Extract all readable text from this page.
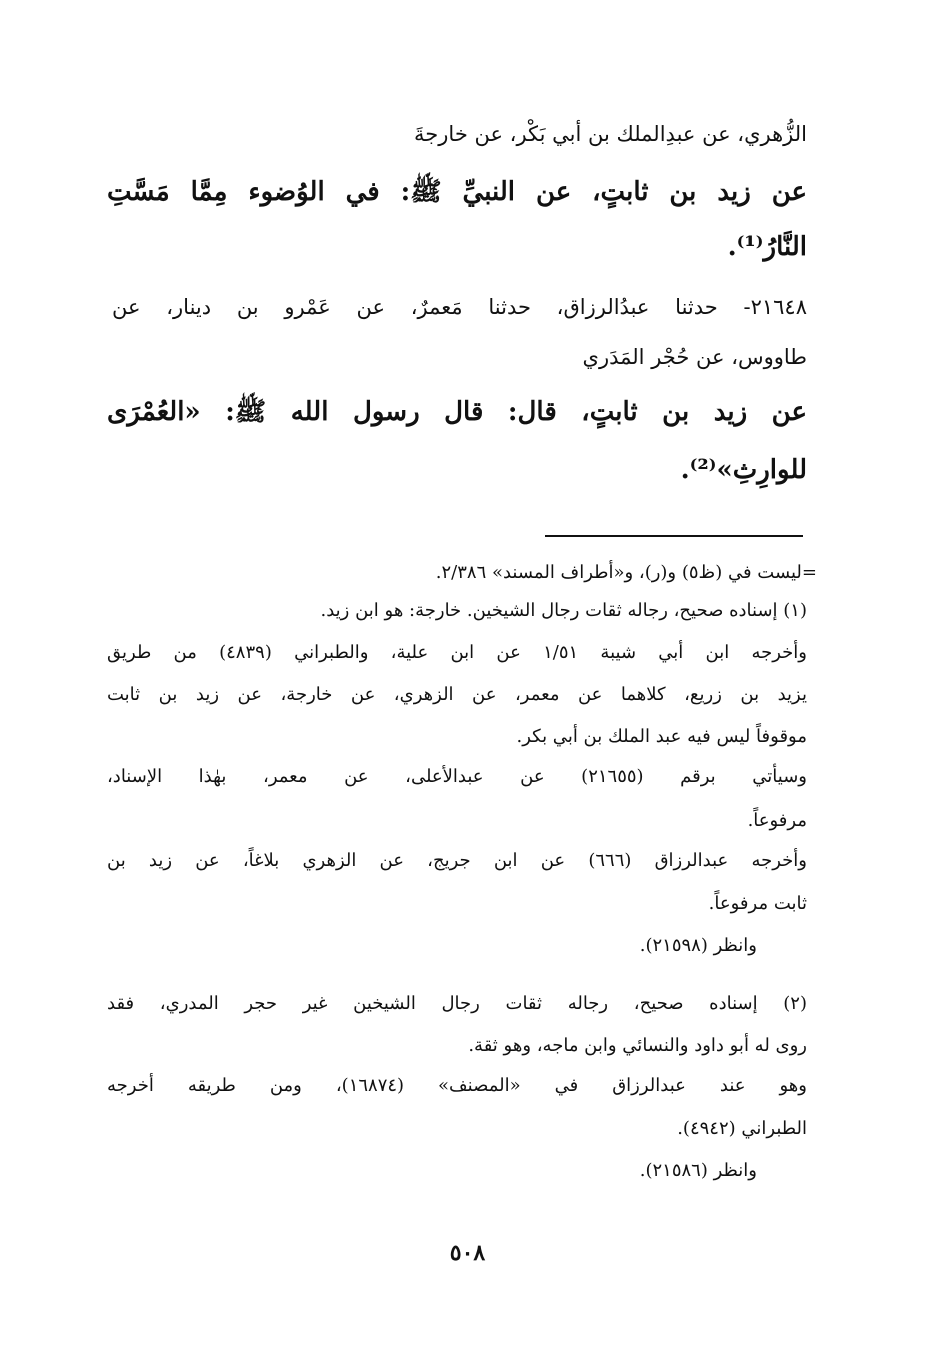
الزُّهري، عن عبدِالملك بن أبي بَكْر، عن خارجةَ
عن زيد بن ثابتٍ، عن النبيِّ ﷺ: في الوُضوء مِمَّا مَسَّتِ
النَّارُ⁽¹⁾.
٢١٦٤٨- حدثنا عبدُالرزاق، حدثنا مَعمرٌ، عن عَمْرو بن دينار، عن
طاووس، عن حُجْر المَدَري
عن زيد بن ثابتٍ، قال: قال رسول الله ﷺ: «العُمْرَى
للوارِثِ»⁽²⁾.
=ليست في (ظ٥) و(ر)، و«أطراف المسند» ٢/٣٨٦.
(١) إسناده صحيح، رجاله ثقات رجال الشيخين. خارجة: هو ابن زيد.
وأخرجه ابن أبي شيبة ١/٥١ عن ابن علية، والطبراني (٤٨٣٩) من طريق
يزيد بن زريع، كلاهما عن معمر، عن الزهري، عن خارجة، عن زيد بن ثابت
موقوفاً ليس فيه عبد الملك بن أبي بكر.
وسيأتي برقم (٢١٦٥٥) عن عبدالأعلى، عن معمر، بهٰذا الإسناد،
مرفوعاً.
وأخرجه عبدالرزاق (٦٦٦) عن ابن جريج، عن الزهري بلاغاً، عن زيد بن
ثابت مرفوعاً.
وانظر (٢١٥٩٨).
(٢) إسناده صحيح، رجاله ثقات رجال الشيخين غير حجر المدري، فقد
روى له أبو داود والنسائي وابن ماجه، وهو ثقة.
وهو عند عبدالرزاق في «المصنف» (١٦٨٧٤)، ومن طريقه أخرجه
الطبراني (٤٩٤٢).
وانظر (٢١٥٨٦).
٥٠٨
